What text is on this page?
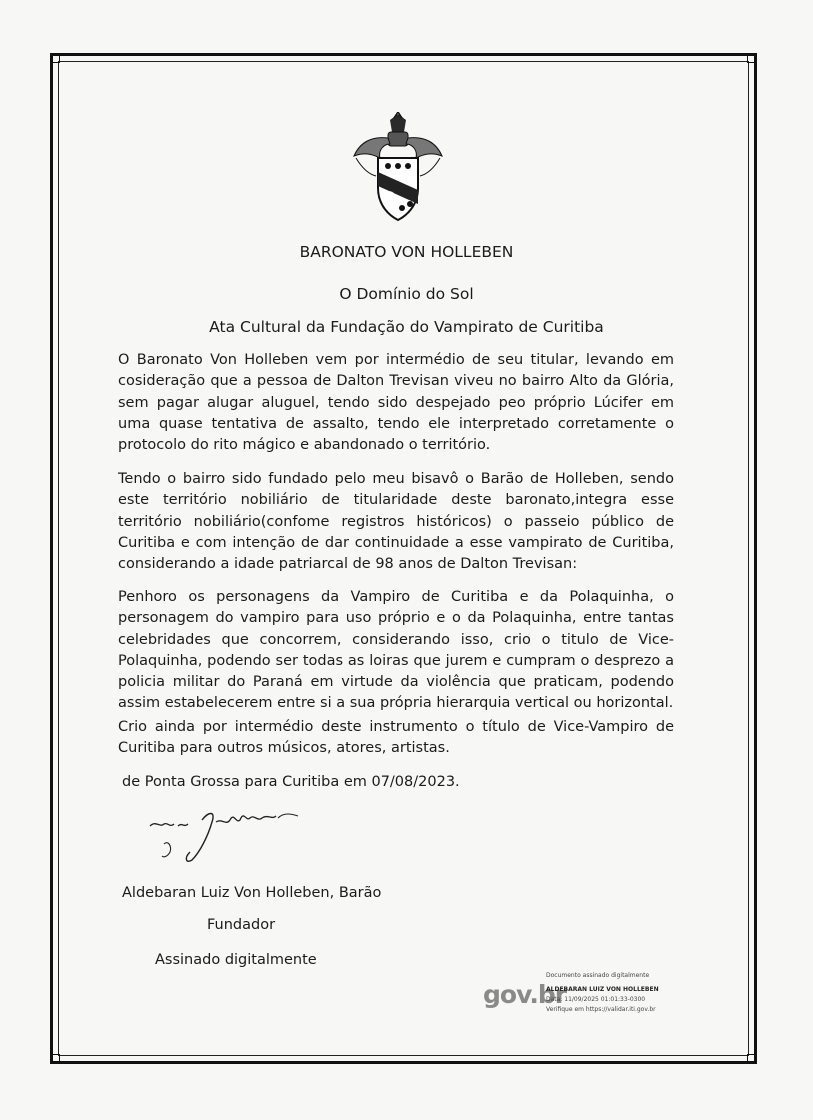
BARONATO VON HOLLEBEN
O Domínio do Sol
Ata Cultural da Fundação do Vampirato de Curitiba

O Baronato Von Holleben vem por intermédio de seu titular, levando em cosideração que a pessoa de Dalton Trevisan viveu no bairro Alto da Glória, sem pagar alugar aluguel, tendo sido despejado peo próprio Lúcifer em uma quase tentativa de assalto, tendo ele interpretado corretamente o protocolo do rito mágico e abandonado o território.

Tendo o bairro sido fundado pelo meu bisavô o Barão de Holleben, sendo este território nobiliário de titularidade deste baronato,integra esse território nobiliário(confome registros históricos) o passeio público de Curitiba e com intenção de dar continuidade a esse vampirato de Curitiba, considerando a idade patriarcal de 98 anos de Dalton Trevisan:

Penhoro os personagens da Vampiro de Curitiba e da Polaquinha, o personagem do vampiro para uso próprio e o da Polaquinha, entre tantas celebridades que concorrem, considerando isso, crio o titulo de Vice-Polaquinha, podendo ser todas as loiras que jurem e cumpram o desprezo a policia militar do Paraná em virtude da violência que praticam, podendo assim estabelecerem entre si a sua própria hierarquia vertical ou horizontal.

Crio ainda por intermédio deste instrumento o título de Vice-Vampiro de Curitiba para outros músicos, atores, artistas.

de Ponta Grossa para Curitiba em 07/08/2023.

Aldebaran Luiz Von Holleben, Barão
Fundador
Assinado digitalmente
gov.br
Documento assinado digitalmente
ALDEBARAN LUIZ VON HOLLEBEN
Data: 11/09/2025 01:01:33-0300
Verifique em https://validar.iti.gov.br
